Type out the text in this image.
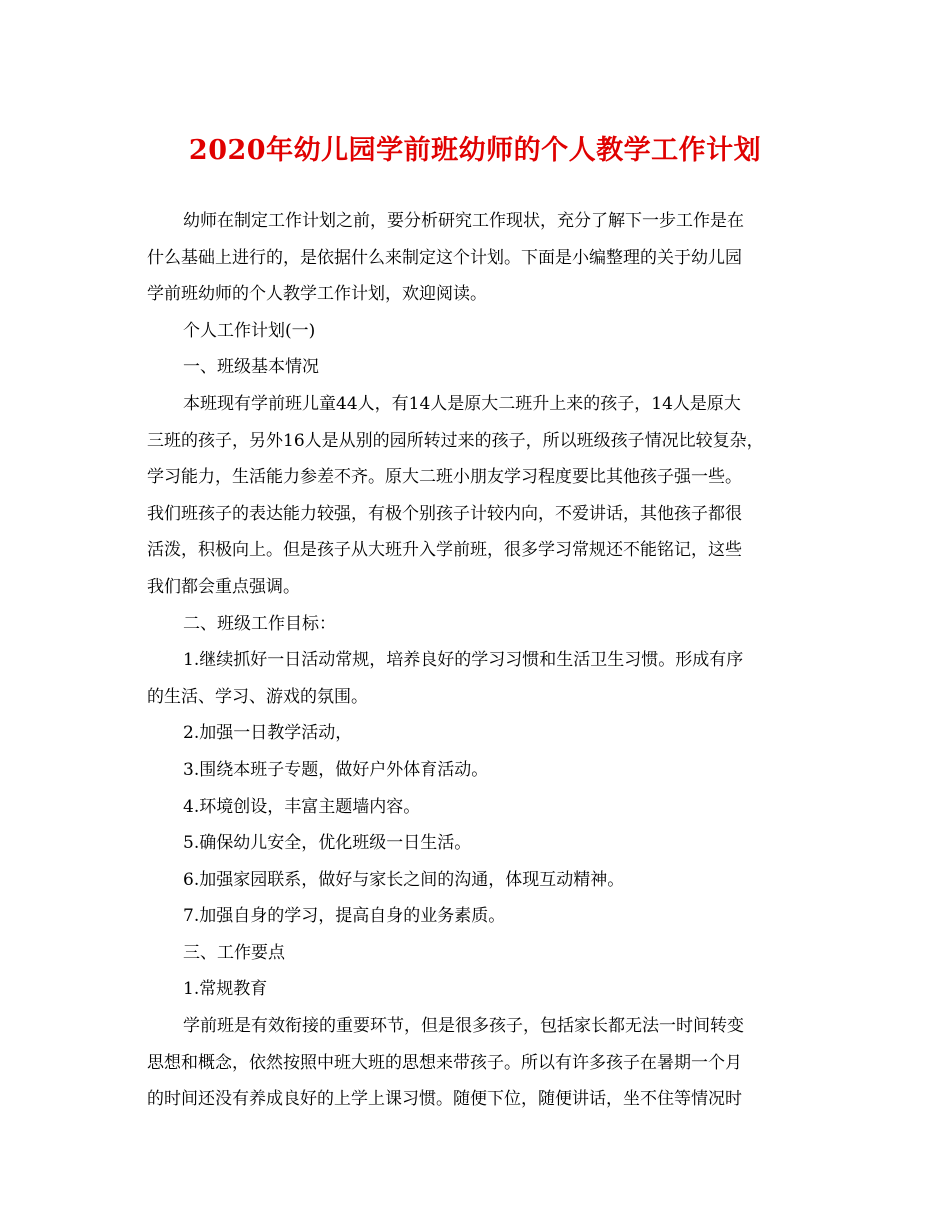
2020年幼儿园学前班幼师的个人教学工作计划
幼师在制定工作计划之前，要分析研究工作现状，充分了解下一步工作是在
什么基础上进行的，是依据什么来制定这个计划。下面是小编整理的关于幼儿园
学前班幼师的个人教学工作计划，欢迎阅读。
个人工作计划(一)
一、班级基本情况
本班现有学前班儿童44人，有14人是原大二班升上来的孩子，14人是原大
三班的孩子，另外16人是从别的园所转过来的孩子，所以班级孩子情况比较复杂，
学习能力，生活能力参差不齐。原大二班小朋友学习程度要比其他孩子强一些。
我们班孩子的表达能力较强，有极个别孩子计较内向，不爱讲话，其他孩子都很
活泼，积极向上。但是孩子从大班升入学前班，很多学习常规还不能铭记，这些
我们都会重点强调。
二、班级工作目标：
1.继续抓好一日活动常规，培养良好的学习习惯和生活卫生习惯。形成有序
的生活、学习、游戏的氛围。
2.加强一日教学活动，
3.围绕本班子专题，做好户外体育活动。
4.环境创设，丰富主题墙内容。
5.确保幼儿安全，优化班级一日生活。
6.加强家园联系，做好与家长之间的沟通，体现互动精神。
7.加强自身的学习，提高自身的业务素质。
三、工作要点
1.常规教育
学前班是有效衔接的重要环节，但是很多孩子，包括家长都无法一时间转变
思想和概念，依然按照中班大班的思想来带孩子。所以有许多孩子在暑期一个月
的时间还没有养成良好的上学上课习惯。随便下位，随便讲话，坐不住等情况时
